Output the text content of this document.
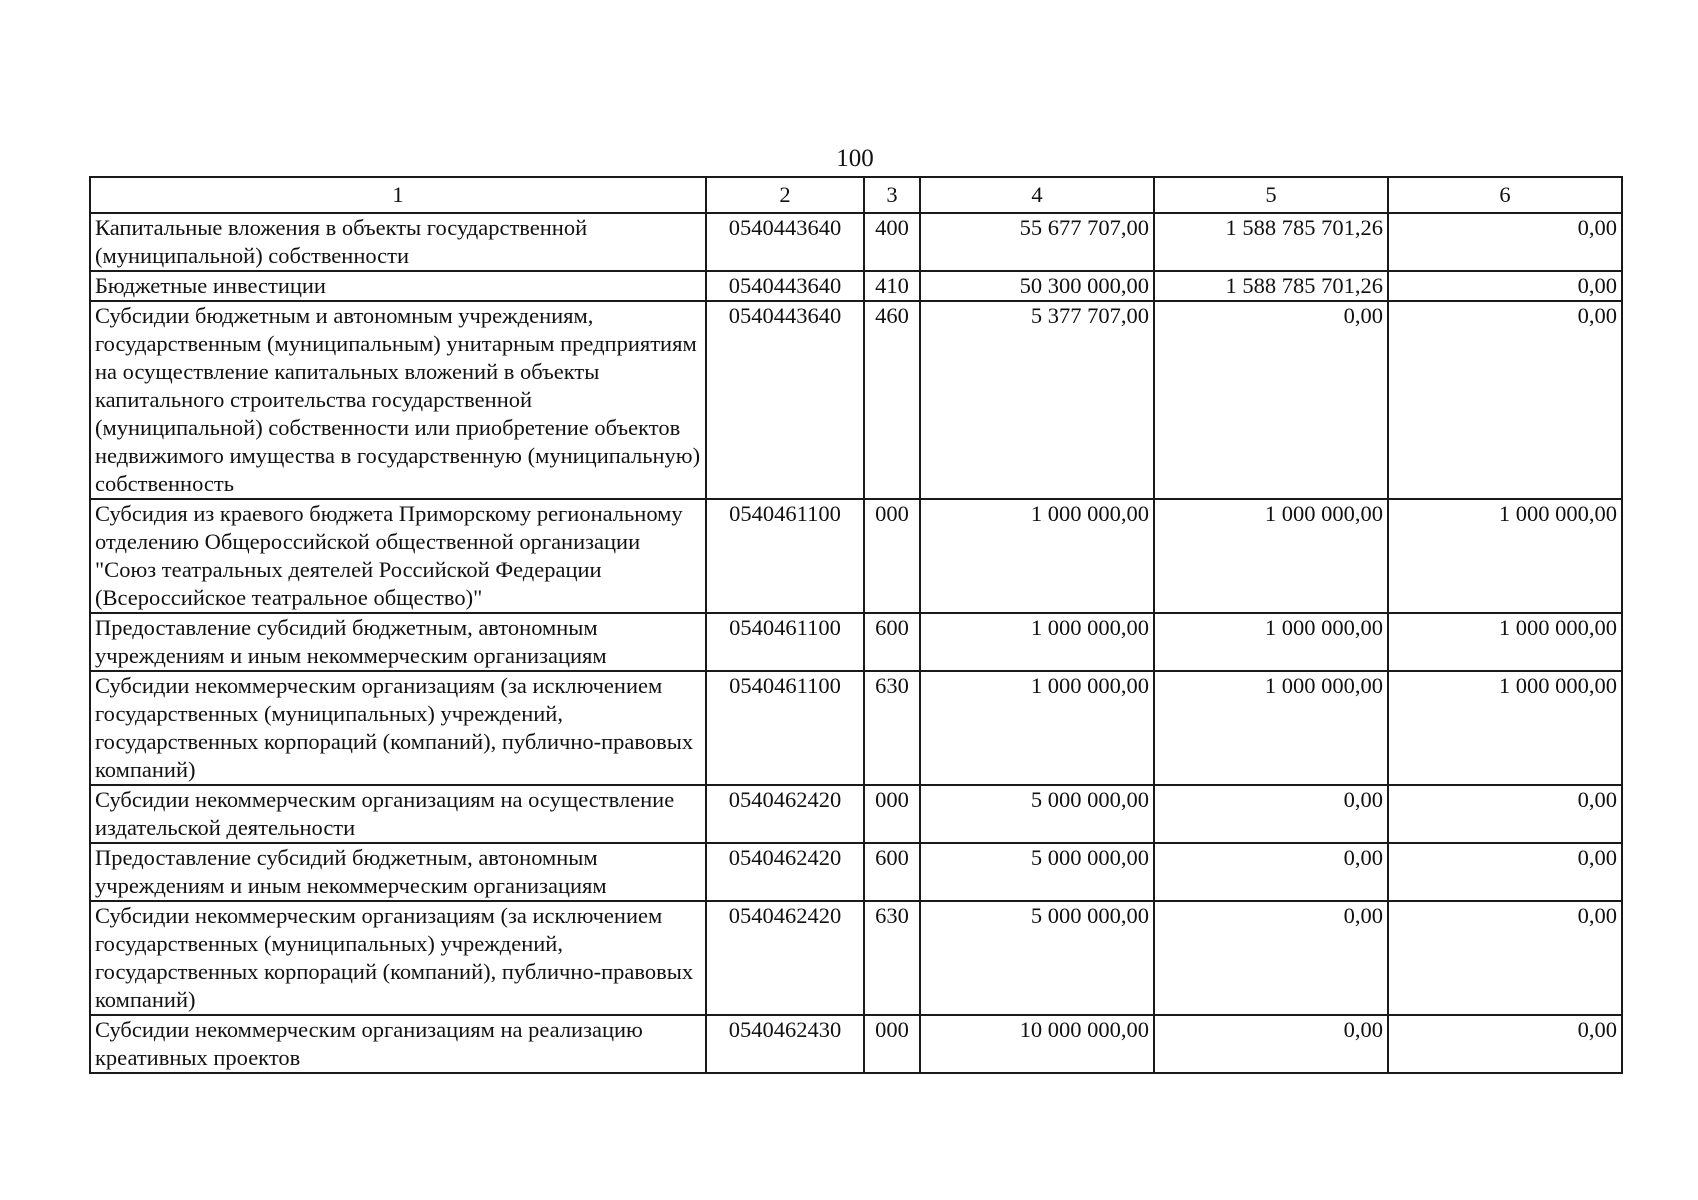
100
1	2	3	4	5	6
Капитальные вложения в объекты государственной (муниципальной) собственности	0540443640	400	55 677 707,00	1 588 785 701,26	0,00
Бюджетные инвестиции	0540443640	410	50 300 000,00	1 588 785 701,26	0,00
Субсидии бюджетным и автономным учреждениям, государственным (муниципальным) унитарным предприятиям на осуществление капитальных вложений в объекты капитального строительства государственной (муниципальной) собственности или приобретение объектов недвижимого имущества в государственную (муниципальную) собственность	0540443640	460	5 377 707,00	0,00	0,00
Субсидия из краевого бюджета Приморскому региональному отделению Общероссийской общественной организации "Союз театральных деятелей Российской Федерации (Всероссийское театральное общество)"	0540461100	000	1 000 000,00	1 000 000,00	1 000 000,00
Предоставление субсидий бюджетным, автономным учреждениям и иным некоммерческим организациям	0540461100	600	1 000 000,00	1 000 000,00	1 000 000,00
Субсидии некоммерческим организациям (за исключением государственных (муниципальных) учреждений, государственных корпораций (компаний), публично-правовых компаний)	0540461100	630	1 000 000,00	1 000 000,00	1 000 000,00
Субсидии некоммерческим организациям на осуществление издательской деятельности	0540462420	000	5 000 000,00	0,00	0,00
Предоставление субсидий бюджетным, автономным учреждениям и иным некоммерческим организациям	0540462420	600	5 000 000,00	0,00	0,00
Субсидии некоммерческим организациям (за исключением государственных (муниципальных) учреждений, государственных корпораций (компаний), публично-правовых компаний)	0540462420	630	5 000 000,00	0,00	0,00
Субсидии некоммерческим организациям на реализацию креативных проектов	0540462430	000	10 000 000,00	0,00	0,00
